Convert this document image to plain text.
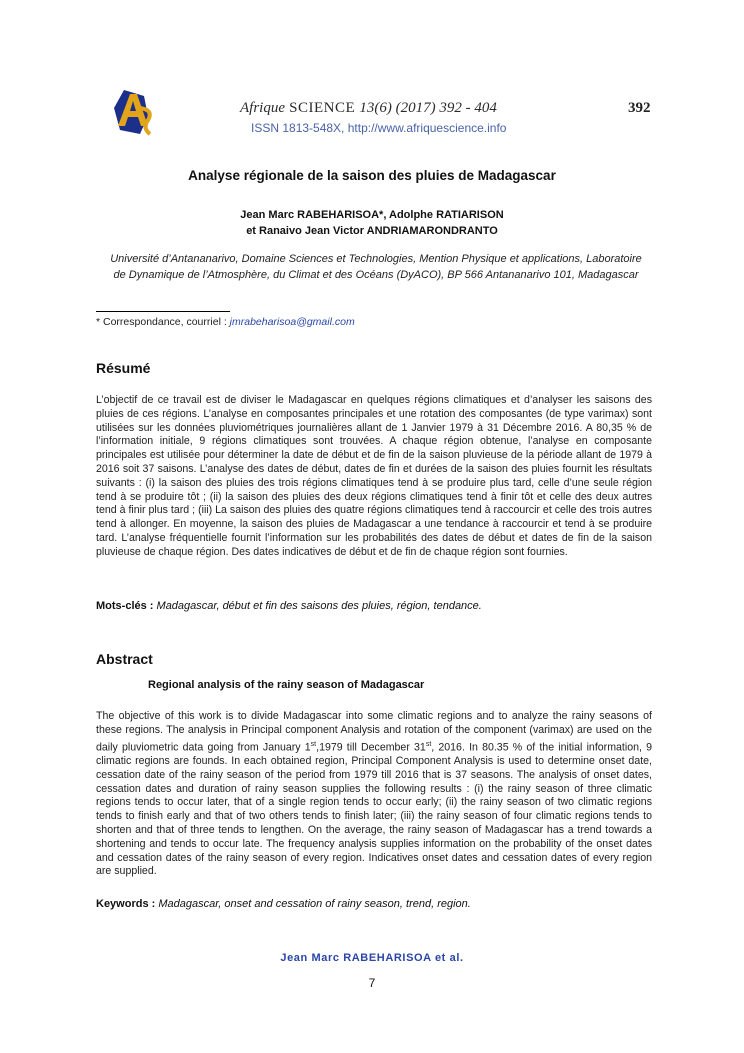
Afrique SCIENCE 13(6) (2017) 392 - 404
ISSN 1813-548X, http://www.afriquescience.info
392
Analyse régionale de la saison des pluies de Madagascar
Jean Marc RABEHARISOA*, Adolphe RATIARISON
et Ranaivo Jean Victor ANDRIAMARONDRANTO
Université d’Antananarivo, Domaine Sciences et Technologies, Mention Physique et applications, Laboratoire
de Dynamique de l’Atmosphère, du Climat et des Océans (DyACO), BP 566 Antananarivo 101, Madagascar
* Correspondance, courriel : jmrabeharisoa@gmail.com
Résumé
L’objectif de ce travail est de diviser le Madagascar en quelques régions climatiques et d’analyser les saisons des pluies de ces régions. L’analyse en composantes principales et une rotation des composantes (de type varimax) sont utilisées sur les données pluviométriques journalières allant de 1 Janvier 1979 à 31 Décembre 2016. A 80,35 % de l’information initiale, 9 régions climatiques sont trouvées. A chaque région obtenue, l’analyse en composante principales est utilisée pour déterminer la date de début et de fin de la saison pluvieuse de la période allant de 1979 à 2016 soit 37 saisons. L’analyse des dates de début, dates de fin et durées de la saison des pluies fournit les résultats suivants : (i) la saison des pluies des trois régions climatiques tend à se produire plus tard, celle d’une seule région tend à se produire tôt ; (ii) la saison des pluies des deux régions climatiques tend à finir tôt et celle des deux autres tend à finir plus tard ; (iii) La saison des pluies des quatre régions climatiques tend à raccourcir et celle des trois autres tend à allonger. En moyenne, la saison des pluies de Madagascar a une tendance à raccourcir et tend à se produire tard. L’analyse fréquentielle fournit l’information sur les probabilités des dates de début et dates de fin de la saison pluvieuse de chaque région. Des dates indicatives de début et de fin de chaque région sont fournies.
Mots-clés : Madagascar, début et fin des saisons des pluies, région, tendance.
Abstract
Regional analysis of the rainy season of Madagascar
The objective of this work is to divide Madagascar into some climatic regions and to analyze the rainy seasons of these regions. The analysis in Principal component Analysis and rotation of the component (varimax) are used on the daily pluviometric data going from January 1st,1979 till December 31st, 2016. In 80.35 % of the initial information, 9 climatic regions are founds. In each obtained region, Principal Component Analysis is used to determine onset date, cessation date of the rainy season of the period from 1979 till 2016 that is 37 seasons. The analysis of onset dates, cessation dates and duration of rainy season supplies the following results : (i) the rainy season of three climatic regions tends to occur later, that of a single region tends to occur early; (ii) the rainy season of two climatic regions tends to finish early and that of two others tends to finish later; (iii) the rainy season of four climatic regions tends to shorten and that of three tends to lengthen. On the average, the rainy season of Madagascar has a trend towards a shortening and tends to occur late. The frequency analysis supplies information on the probability of the onset dates and cessation dates of the rainy season of every region. Indicatives onset dates and cessation dates of every region are supplied.
Keywords : Madagascar, onset and cessation of rainy season, trend, region.
Jean Marc RABEHARISOA et al.
7
